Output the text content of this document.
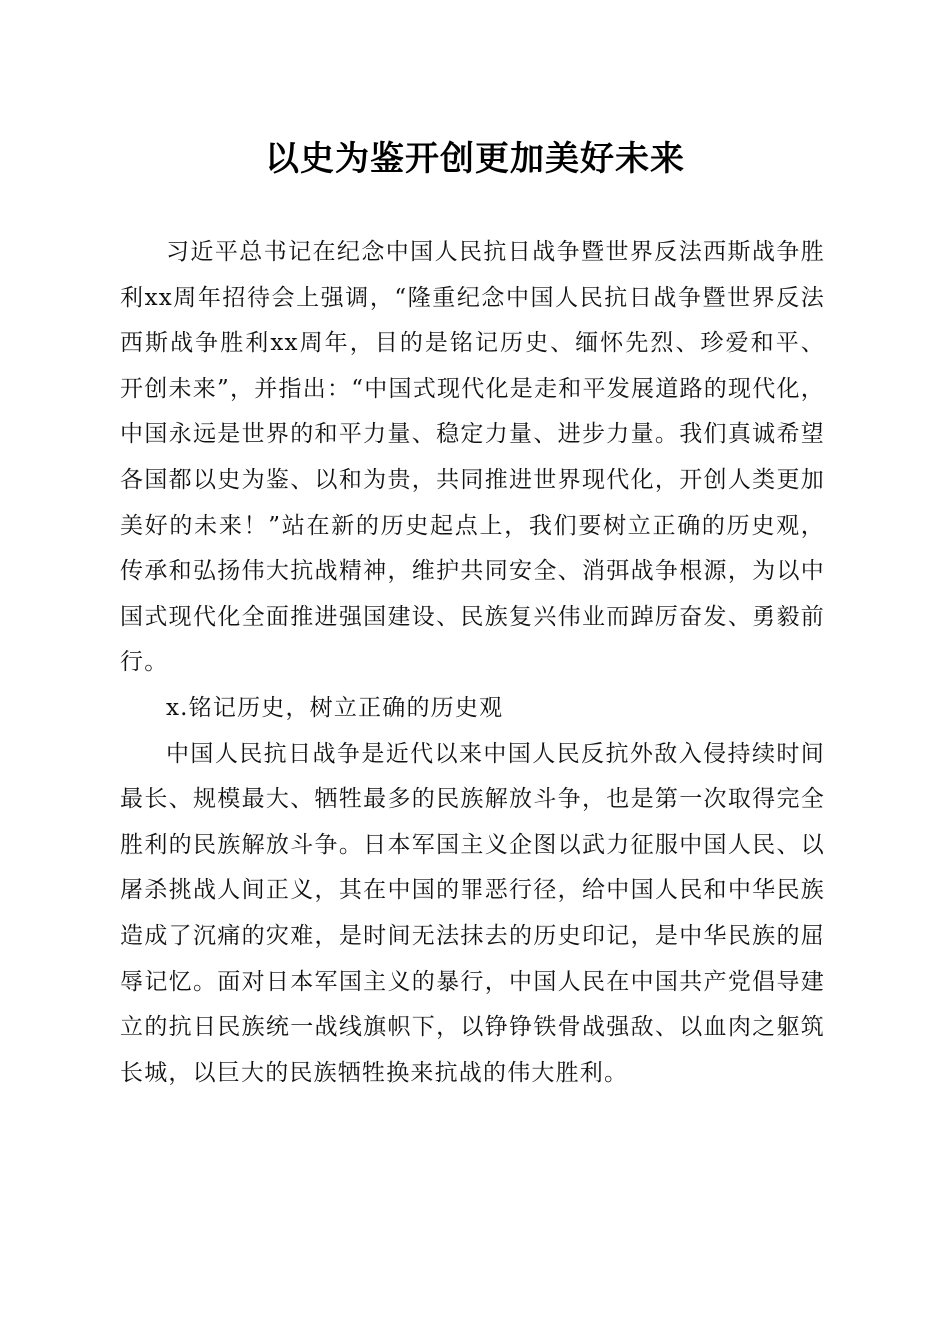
以史为鉴开创更加美好未来

习近平总书记在纪念中国人民抗日战争暨世界反法西斯战争胜利xx周年招待会上强调，“隆重纪念中国人民抗日战争暨世界反法西斯战争胜利xx周年，目的是铭记历史、缅怀先烈、珍爱和平、开创未来”，并指出：“中国式现代化是走和平发展道路的现代化，中国永远是世界的和平力量、稳定力量、进步力量。我们真诚希望各国都以史为鉴、以和为贵，共同推进世界现代化，开创人类更加美好的未来！”站在新的历史起点上，我们要树立正确的历史观，传承和弘扬伟大抗战精神，维护共同安全、消弭战争根源，为以中国式现代化全面推进强国建设、民族复兴伟业而踔厉奋发、勇毅前行。

x.铭记历史，树立正确的历史观

中国人民抗日战争是近代以来中国人民反抗外敌入侵持续时间最长、规模最大、牺牲最多的民族解放斗争，也是第一次取得完全胜利的民族解放斗争。日本军国主义企图以武力征服中国人民、以屠杀挑战人间正义，其在中国的罪恶行径，给中国人民和中华民族造成了沉痛的灾难，是时间无法抹去的历史印记，是中华民族的屈辱记忆。面对日本军国主义的暴行，中国人民在中国共产党倡导建立的抗日民族统一战线旗帜下，以铮铮铁骨战强敌、以血肉之躯筑长城，以巨大的民族牺牲换来抗战的伟大胜利。
